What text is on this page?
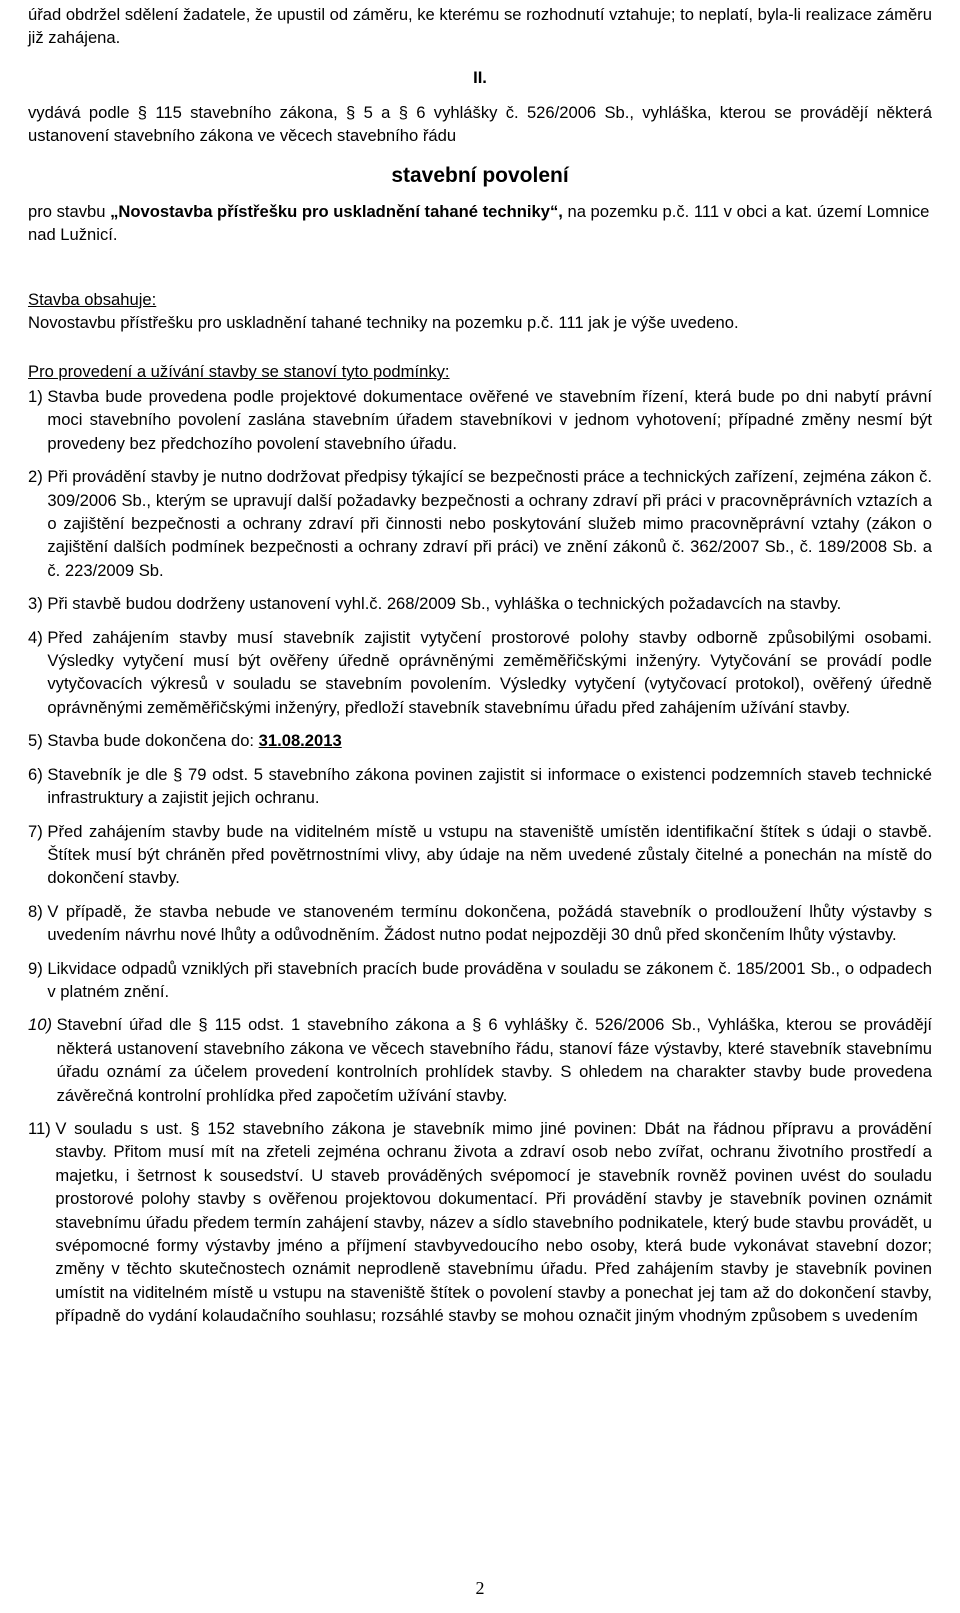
úřad obdržel sdělení žadatele, že upustil od záměru, ke kterému se rozhodnutí vztahuje; to neplatí, byla-li realizace záměru již zahájena.

II.

vydává podle § 115 stavebního zákona, § 5 a § 6 vyhlášky č. 526/2006 Sb., vyhláška, kterou se provádějí některá ustanovení stavebního zákona ve věcech stavebního řádu

stavební povolení

pro stavbu „Novostavba přístřešku pro uskladnění tahané techniky“, na pozemku p.č. 111 v obci a kat. území Lomnice nad Lužnicí.

Stavba obsahuje:

Novostavbu přístřešku pro uskladnění tahané techniky na pozemku p.č. 111 jak je výše uvedeno.

Pro provedení a užívání stavby se stanoví tyto podmínky:

1) Stavba bude provedena podle projektové dokumentace ověřené ve stavebním řízení, která bude po dni nabytí právní moci stavebního povolení zaslána stavebním úřadem stavebníkovi v jednom vyhotovení; případné změny nesmí být provedeny bez předchozího povolení stavebního úřadu.
2) Při provádění stavby je nutno dodržovat předpisy týkající se bezpečnosti práce a technických zařízení, zejména zákon č. 309/2006 Sb., kterým se upravují další požadavky bezpečnosti a ochrany zdraví při práci v pracovněprávních vztazích a o zajištění bezpečnosti a ochrany zdraví při činnosti nebo poskytování služeb mimo pracovněprávní vztahy (zákon o zajištění dalších podmínek bezpečnosti a ochrany zdraví při práci) ve znění zákonů č. 362/2007 Sb., č. 189/2008 Sb. a č. 223/2009 Sb.
3) Při stavbě budou dodrženy ustanovení vyhl.č. 268/2009 Sb., vyhláška o technických požadavcích na stavby.
4) Před zahájením stavby musí stavebník zajistit vytyčení prostorové polohy stavby odborně způsobilými osobami. Výsledky vytyčení musí být ověřeny úředně oprávněnými zeměměřičskými inženýry. Vytyčování se provádí podle vytyčovacích výkresů v souladu se stavebním povolením. Výsledky vytyčení (vytyčovací protokol), ověřený úředně oprávněnými zeměměřičskými inženýry, předloží stavebník stavebnímu úřadu před zahájením užívání stavby.
5) Stavba bude dokončena do: 31.08.2013
6) Stavebník je dle § 79 odst. 5 stavebního zákona povinen zajistit si informace o existenci podzemních staveb technické infrastruktury a zajistit jejich ochranu.
7) Před zahájením stavby bude na viditelném místě u vstupu na staveniště umístěn identifikační štítek s údaji o stavbě. Štítek musí být chráněn před povětrnostními vlivy, aby údaje na něm uvedené zůstaly čitelné a ponechán na místě do dokončení stavby.
8) V případě, že stavba nebude ve stanoveném termínu dokončena, požádá stavebník o prodloužení lhůty výstavby s uvedením návrhu nové lhůty a odůvodněním. Žádost nutno podat nejpozději 30 dnů před skončením lhůty výstavby.
9) Likvidace odpadů vzniklých při stavebních pracích bude prováděna v souladu se zákonem č. 185/2001 Sb., o odpadech v platném znění.
10) Stavební úřad dle § 115 odst. 1 stavebního zákona a § 6 vyhlášky č. 526/2006 Sb., Vyhláška, kterou se provádějí některá ustanovení stavebního zákona ve věcech stavebního řádu, stanoví fáze výstavby, které stavebník stavebnímu úřadu oznámí za účelem provedení kontrolních prohlídek stavby. S ohledem na charakter stavby bude provedena závěrečná kontrolní prohlídka před započetím užívání stavby.
11) V souladu s ust. § 152 stavebního zákona je stavebník mimo jiné povinen: Dbát na řádnou přípravu a provádění stavby. Přitom musí mít na zřeteli zejména ochranu života a zdraví osob nebo zvířat, ochranu životního prostředí a majetku, i šetrnost k sousedství. U staveb prováděných svépomocí je stavebník rovněž povinen uvést do souladu prostorové polohy stavby s ověřenou projektovou dokumentací. Při provádění stavby je stavebník povinen oznámit stavebnímu úřadu předem termín zahájení stavby, název a sídlo stavebního podnikatele, který bude stavbu provádět, u svépomocné formy výstavby jméno a příjmení stavbyvedoucího nebo osoby, která bude vykonávat stavební dozor; změny v těchto skutečnostech oznámit neprodleně stavebnímu úřadu. Před zahájením stavby je stavebník povinen umístit na viditelném místě u vstupu na staveniště štítek o povolení stavby a ponechat jej tam až do dokončení stavby, případně do vydání kolaudačního souhlasu; rozsáhlé stavby se mohou označit jiným vhodným způsobem s uvedením
2
